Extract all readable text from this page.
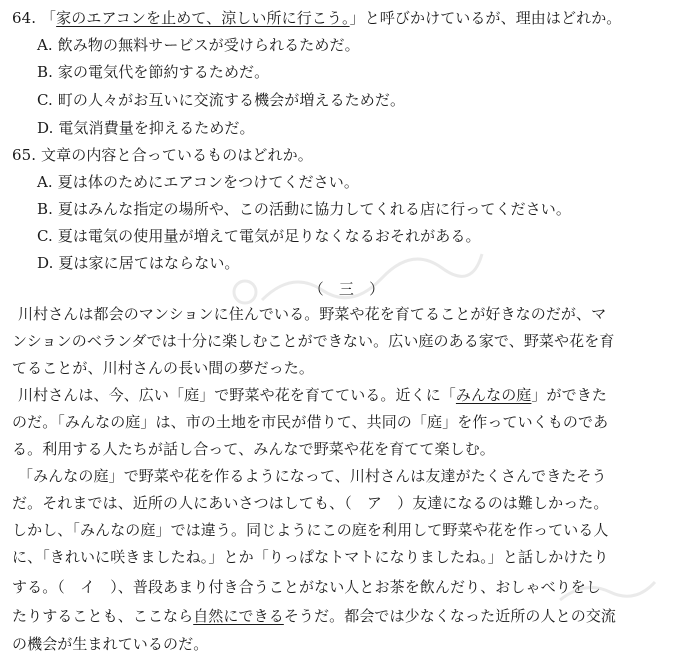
64. 「家のエアコンを止めて、涼しい所に行こう。」と呼びかけているが、理由はどれか。
A. 飲み物の無料サービスが受けられるためだ。
B. 家の電気代を節約するためだ。
C. 町の人々がお互いに交流する機会が増えるためだ。
D. 電気消費量を抑えるためだ。
65. 文章の内容と合っているものはどれか。
A. 夏は体のためにエアコンをつけてください。
B. 夏はみんな指定の場所や、この活動に協力してくれる店に行ってください。
C. 夏は電気の使用量が増えて電気が足りなくなるおそれがある。
D. 夏は家に居てはならない。
（　三　）
川村さんは都会のマンションに住んでいる。野菜や花を育てることが好きなのだが、マ
ンションのベランダでは十分に楽しむことができない。広い庭のある家で、野菜や花を育
てることが、川村さんの長い間の夢だった。
川村さんは、今、広い「庭」で野菜や花を育てている。近くに「みんなの庭」ができた
のだ。「みんなの庭」は、市の土地を市民が借りて、共同の「庭」を作っていくものであ
る。利用する人たちが話し合って、みんなで野菜や花を育てて楽しむ。
「みんなの庭」で野菜や花を作るようになって、川村さんは友達がたくさんできたそう
だ。それまでは、近所の人にあいさつはしても、（　ア　）友達になるのは難しかった。
しかし、「みんなの庭」では違う。同じようにこの庭を利用して野菜や花を作っている人
に、「きれいに咲きましたね。」とか「りっぱなトマトになりましたね。」と話しかけたり
する。（　イ　）、普段あまり付き合うことがない人とお茶を飲んだり、おしゃべりをし
たりすることも、ここなら自然にできるそうだ。都会では少なくなった近所の人との交流
の機会が生まれているのだ。
